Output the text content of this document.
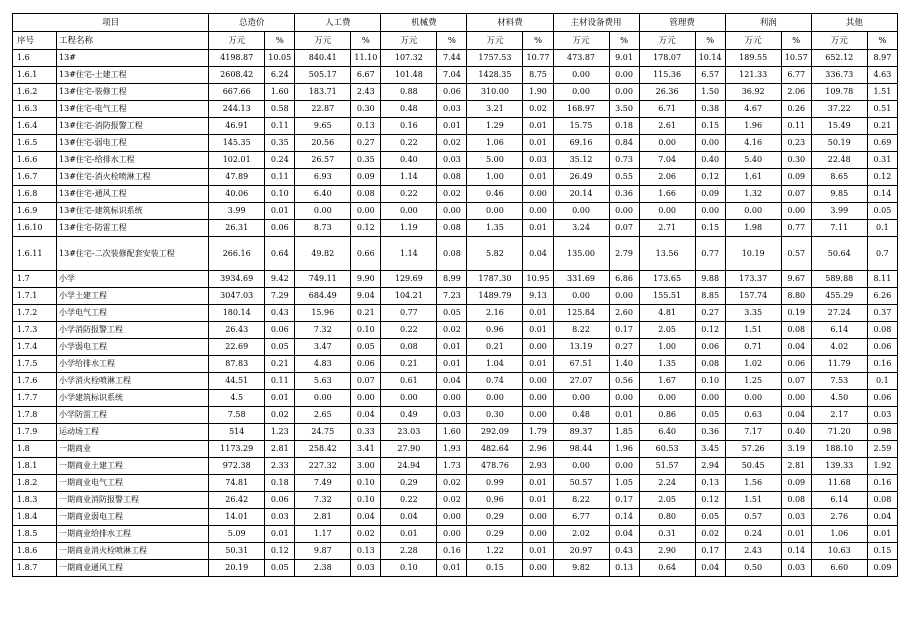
项目		总造价		人工费		机械费		材料费		主材设备费用		管理费		利润		其他	
序号	工程名称	万元	%	万元	%	万元	%	万元	%	万元	%	万元	%	万元	%	万元	%
1.6	13#	4198.87	10.05	840.41	11.10	107.32	7.44	1757.53	10.77	473.87	9.01	178.07	10.14	189.55	10.57	652.12	8.97
1.6.1	13#住宅-土建工程	2608.42	6.24	505.17	6.67	101.48	7.04	1428.35	8.75	0.00	0.00	115.36	6.57	121.33	6.77	336.73	4.63
1.6.2	13#住宅-装修工程	667.66	1.60	183.71	2.43	0.88	0.06	310.00	1.90	0.00	0.00	26.36	1.50	36.92	2.06	109.78	1.51
1.6.3	13#住宅-电气工程	244.13	0.58	22.87	0.30	0.48	0.03	3.21	0.02	168.97	3.50	6.71	0.38	4.67	0.26	37.22	0.51
1.6.4	13#住宅-消防报警工程	46.91	0.11	9.65	0.13	0.16	0.01	1.29	0.01	15.75	0.18	2.61	0.15	1.96	0.11	15.49	0.21
1.6.5	13#住宅-弱电工程	145.35	0.35	20.56	0.27	0.22	0.02	1.06	0.01	69.16	0.84	0.00	0.00	4.16	0.23	50.19	0.69
1.6.6	13#住宅-给排水工程	102.01	0.24	26.57	0.35	0.40	0.03	5.00	0.03	35.12	0.73	7.04	0.40	5.40	0.30	22.48	0.31
1.6.7	13#住宅-消火栓喷淋工程	47.89	0.11	6.93	0.09	1.14	0.08	1.00	0.01	26.49	0.55	2.06	0.12	1.61	0.09	8.65	0.12
1.6.8	13#住宅-通风工程	40.06	0.10	6.40	0.08	0.22	0.02	0.46	0.00	20.14	0.36	1.66	0.09	1.32	0.07	9.85	0.14
1.6.9	13#住宅-建筑标识系统	3.99	0.01	0.00	0.00	0.00	0.00	0.00	0.00	0.00	0.00	0.00	0.00	0.00	0.00	3.99	0.05
1.6.10	13#住宅-防雷工程	26.31	0.06	8.73	0.12	1.19	0.08	1.35	0.01	3.24	0.07	2.71	0.15	1.98	0.77	7.11	0.1
1.6.11	13#住宅-二次装修配套安装工程	266.16	0.64	49.82	0.66	1.14	0.08	5.82	0.04	135.00	2.79	13.56	0.77	10.19	0.57	50.64	0.7
1.7	小学	3934.69	9.42	749.11	9.90	129.69	8.99	1787.30	10.95	331.69	6.86	173.65	9.88	173.37	9.67	589.88	8.11
1.7.1	小学土建工程	3047.03	7.29	684.49	9.04	104.21	7.23	1489.79	9.13	0.00	0.00	155.51	8.85	157.74	8.80	455.29	6.26
1.7.2	小学电气工程	180.14	0.43	15.96	0.21	0.77	0.05	2.16	0.01	125.84	2.60	4.81	0.27	3.35	0.19	27.24	0.37
1.7.3	小学消防报警工程	26.43	0.06	7.32	0.10	0.22	0.02	0.96	0.01	8.22	0.17	2.05	0.12	1.51	0.08	6.14	0.08
1.7.4	小学弱电工程	22.69	0.05	3.47	0.05	0.08	0.01	0.21	0.00	13.19	0.27	1.00	0.06	0.71	0.04	4.02	0.06
1.7.5	小学给排水工程	87.83	0.21	4.83	0.06	0.21	0.01	1.04	0.01	67.51	1.40	1.35	0.08	1.02	0.06	11.79	0.16
1.7.6	小学消火栓喷淋工程	44.51	0.11	5.63	0.07	0.61	0.04	0.74	0.00	27.07	0.56	1.67	0.10	1.25	0.07	7.53	0.1
1.7.7	小学建筑标识系统	4.5	0.01	0.00	0.00	0.00	0.00	0.00	0.00	0.00	0.00	0.00	0.00	0.00	0.00	4.50	0.06
1.7.8	小学防雷工程	7.58	0.02	2.65	0.04	0.49	0.03	0.30	0.00	0.48	0.01	0.86	0.05	0.63	0.04	2.17	0.03
1.7.9	运动场工程	514	1.23	24.75	0.33	23.03	1.60	292.09	1.79	89.37	1.85	6.40	0.36	7.17	0.40	71.20	0.98
1.8	一期商业	1173.29	2.81	258.42	3.41	27.90	1.93	482.64	2.96	98.44	1.96	60.53	3.45	57.26	3.19	188.10	2.59
1.8.1	一期商业土建工程	972.38	2.33	227.32	3.00	24.94	1.73	478.76	2.93	0.00	0.00	51.57	2.94	50.45	2.81	139.33	1.92
1.8.2	一期商业电气工程	74.81	0.18	7.49	0.10	0.29	0.02	0.99	0.01	50.57	1.05	2.24	0.13	1.56	0.09	11.68	0.16
1.8.3	一期商业消防报警工程	26.42	0.06	7.32	0.10	0.22	0.02	0.96	0.01	8.22	0.17	2.05	0.12	1.51	0.08	6.14	0.08
1.8.4	一期商业弱电工程	14.01	0.03	2.81	0.04	0.04	0.00	0.29	0.00	6.77	0.14	0.80	0.05	0.57	0.03	2.76	0.04
1.8.5	一期商业给排水工程	5.09	0.01	1.17	0.02	0.01	0.00	0.29	0.00	2.02	0.04	0.31	0.02	0.24	0.01	1.06	0.01
1.8.6	一期商业消火栓喷淋工程	50.31	0.12	9.87	0.13	2.28	0.16	1.22	0.01	20.97	0.43	2.90	0.17	2.43	0.14	10.63	0.15
1.8.7	一期商业通风工程	20.19	0.05	2.38	0.03	0.10	0.01	0.15	0.00	9.82	0.13	0.64	0.04	0.50	0.03	6.60	0.09
